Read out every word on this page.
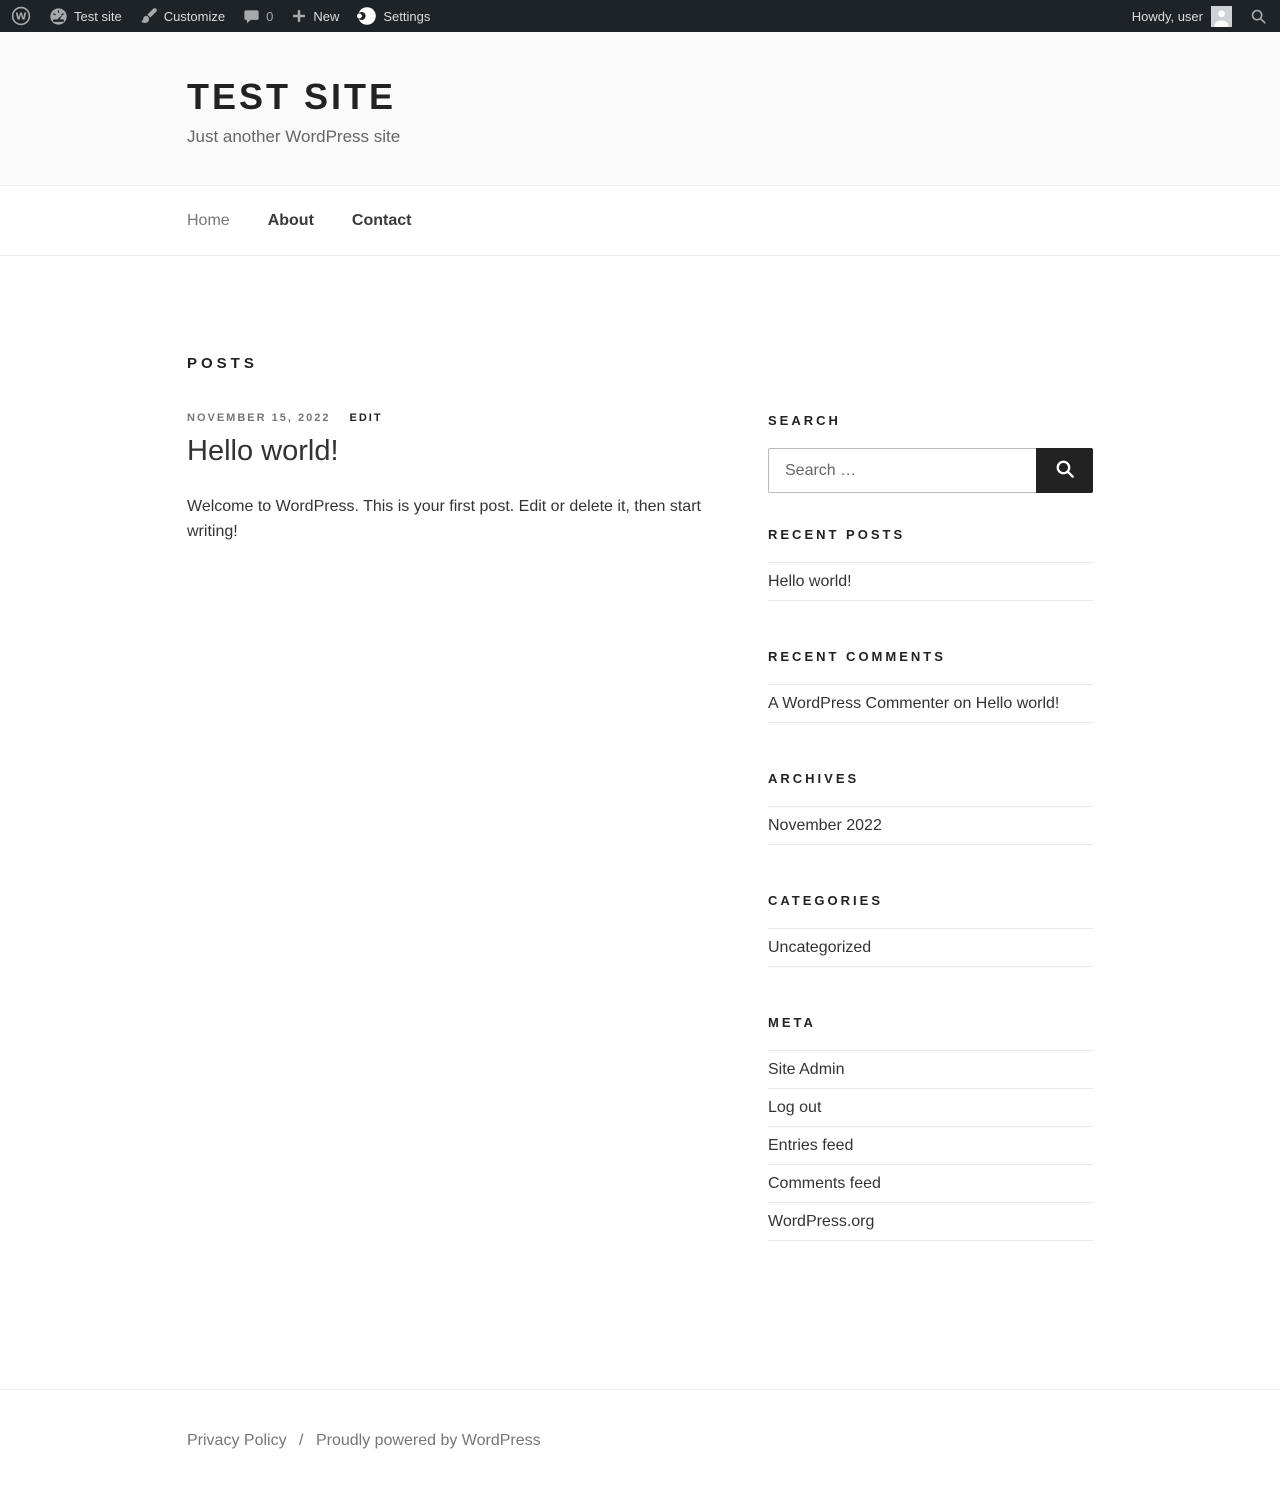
W	Test site	Customize	0	New	Settings	Howdy, user
TEST SITE

Just another WordPress site

Home About Contact
POSTS
NOVEMBER 15, 2022 EDIT
Hello world!

Welcome to WordPress. This is your first post. Edit or delete it, then start writing!

SEARCH
Search …
RECENT POSTS
Hello world!
RECENT COMMENTS
A WordPress Commenter on Hello world!
ARCHIVES
November 2022
CATEGORIES
Uncategorized
META
Site Admin
Log out
Entries feed
Comments feed
WordPress.org
Privacy Policy / Proudly powered by WordPress
